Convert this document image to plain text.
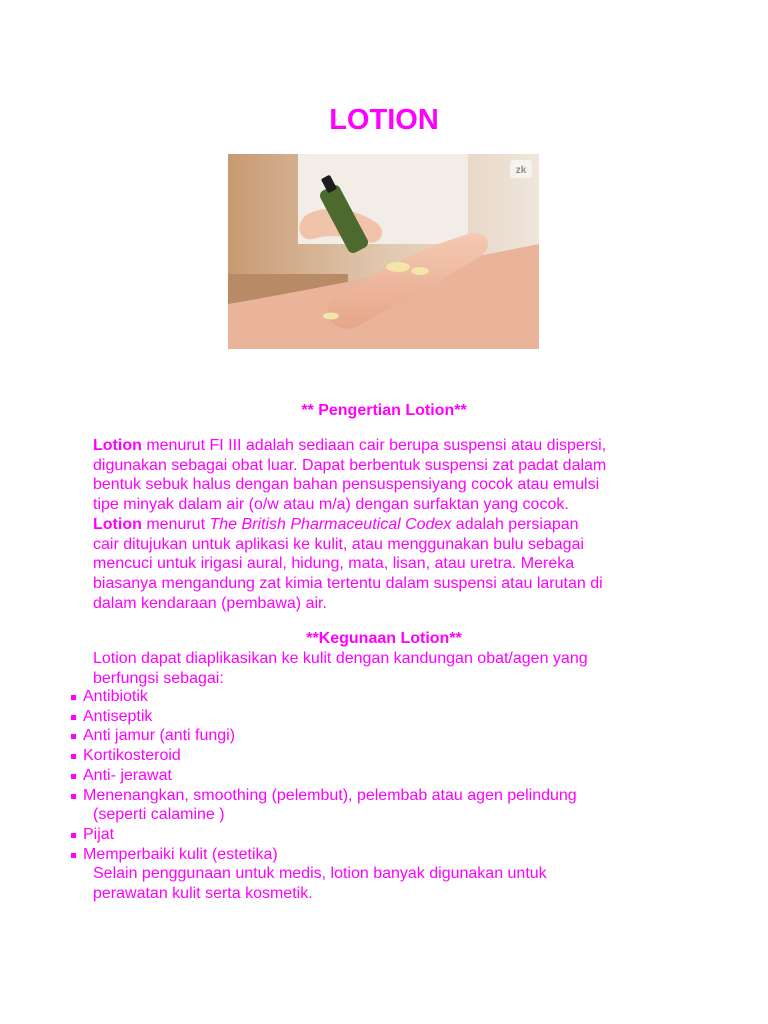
LOTION
zk
** Pengertian Lotion**

Lotion menurut FI III adalah sediaan cair berupa suspensi atau dispersi,

digunakan sebagai obat luar. Dapat berbentuk suspensi zat padat dalam

bentuk sebuk halus dengan bahan pensuspensiyang cocok atau emulsi

tipe minyak dalam air (o/w atau m/a) dengan surfaktan yang cocok.

Lotion menurut The British Pharmaceutical Codex adalah persiapan

cair ditujukan untuk aplikasi ke kulit, atau menggunakan bulu sebagai

mencuci untuk irigasi aural, hidung, mata, lisan, atau uretra. Mereka

biasanya mengandung zat kimia tertentu dalam suspensi atau larutan di

dalam kendaraan (pembawa) air.

**Kegunaan Lotion**

Lotion dapat diaplikasikan ke kulit dengan kandungan obat/agen yang

berfungsi sebagai:

Antibiotik
Antiseptik
Anti jamur (anti fungi)
Kortikosteroid
Anti- jerawat
Menenangkan, smoothing (pelembut), pelembab atau agen pelindung
(seperti calamine )
Pijat
Memperbaiki kulit (estetika)

Selain penggunaan untuk medis, lotion banyak digunakan untuk

perawatan kulit serta kosmetik.
